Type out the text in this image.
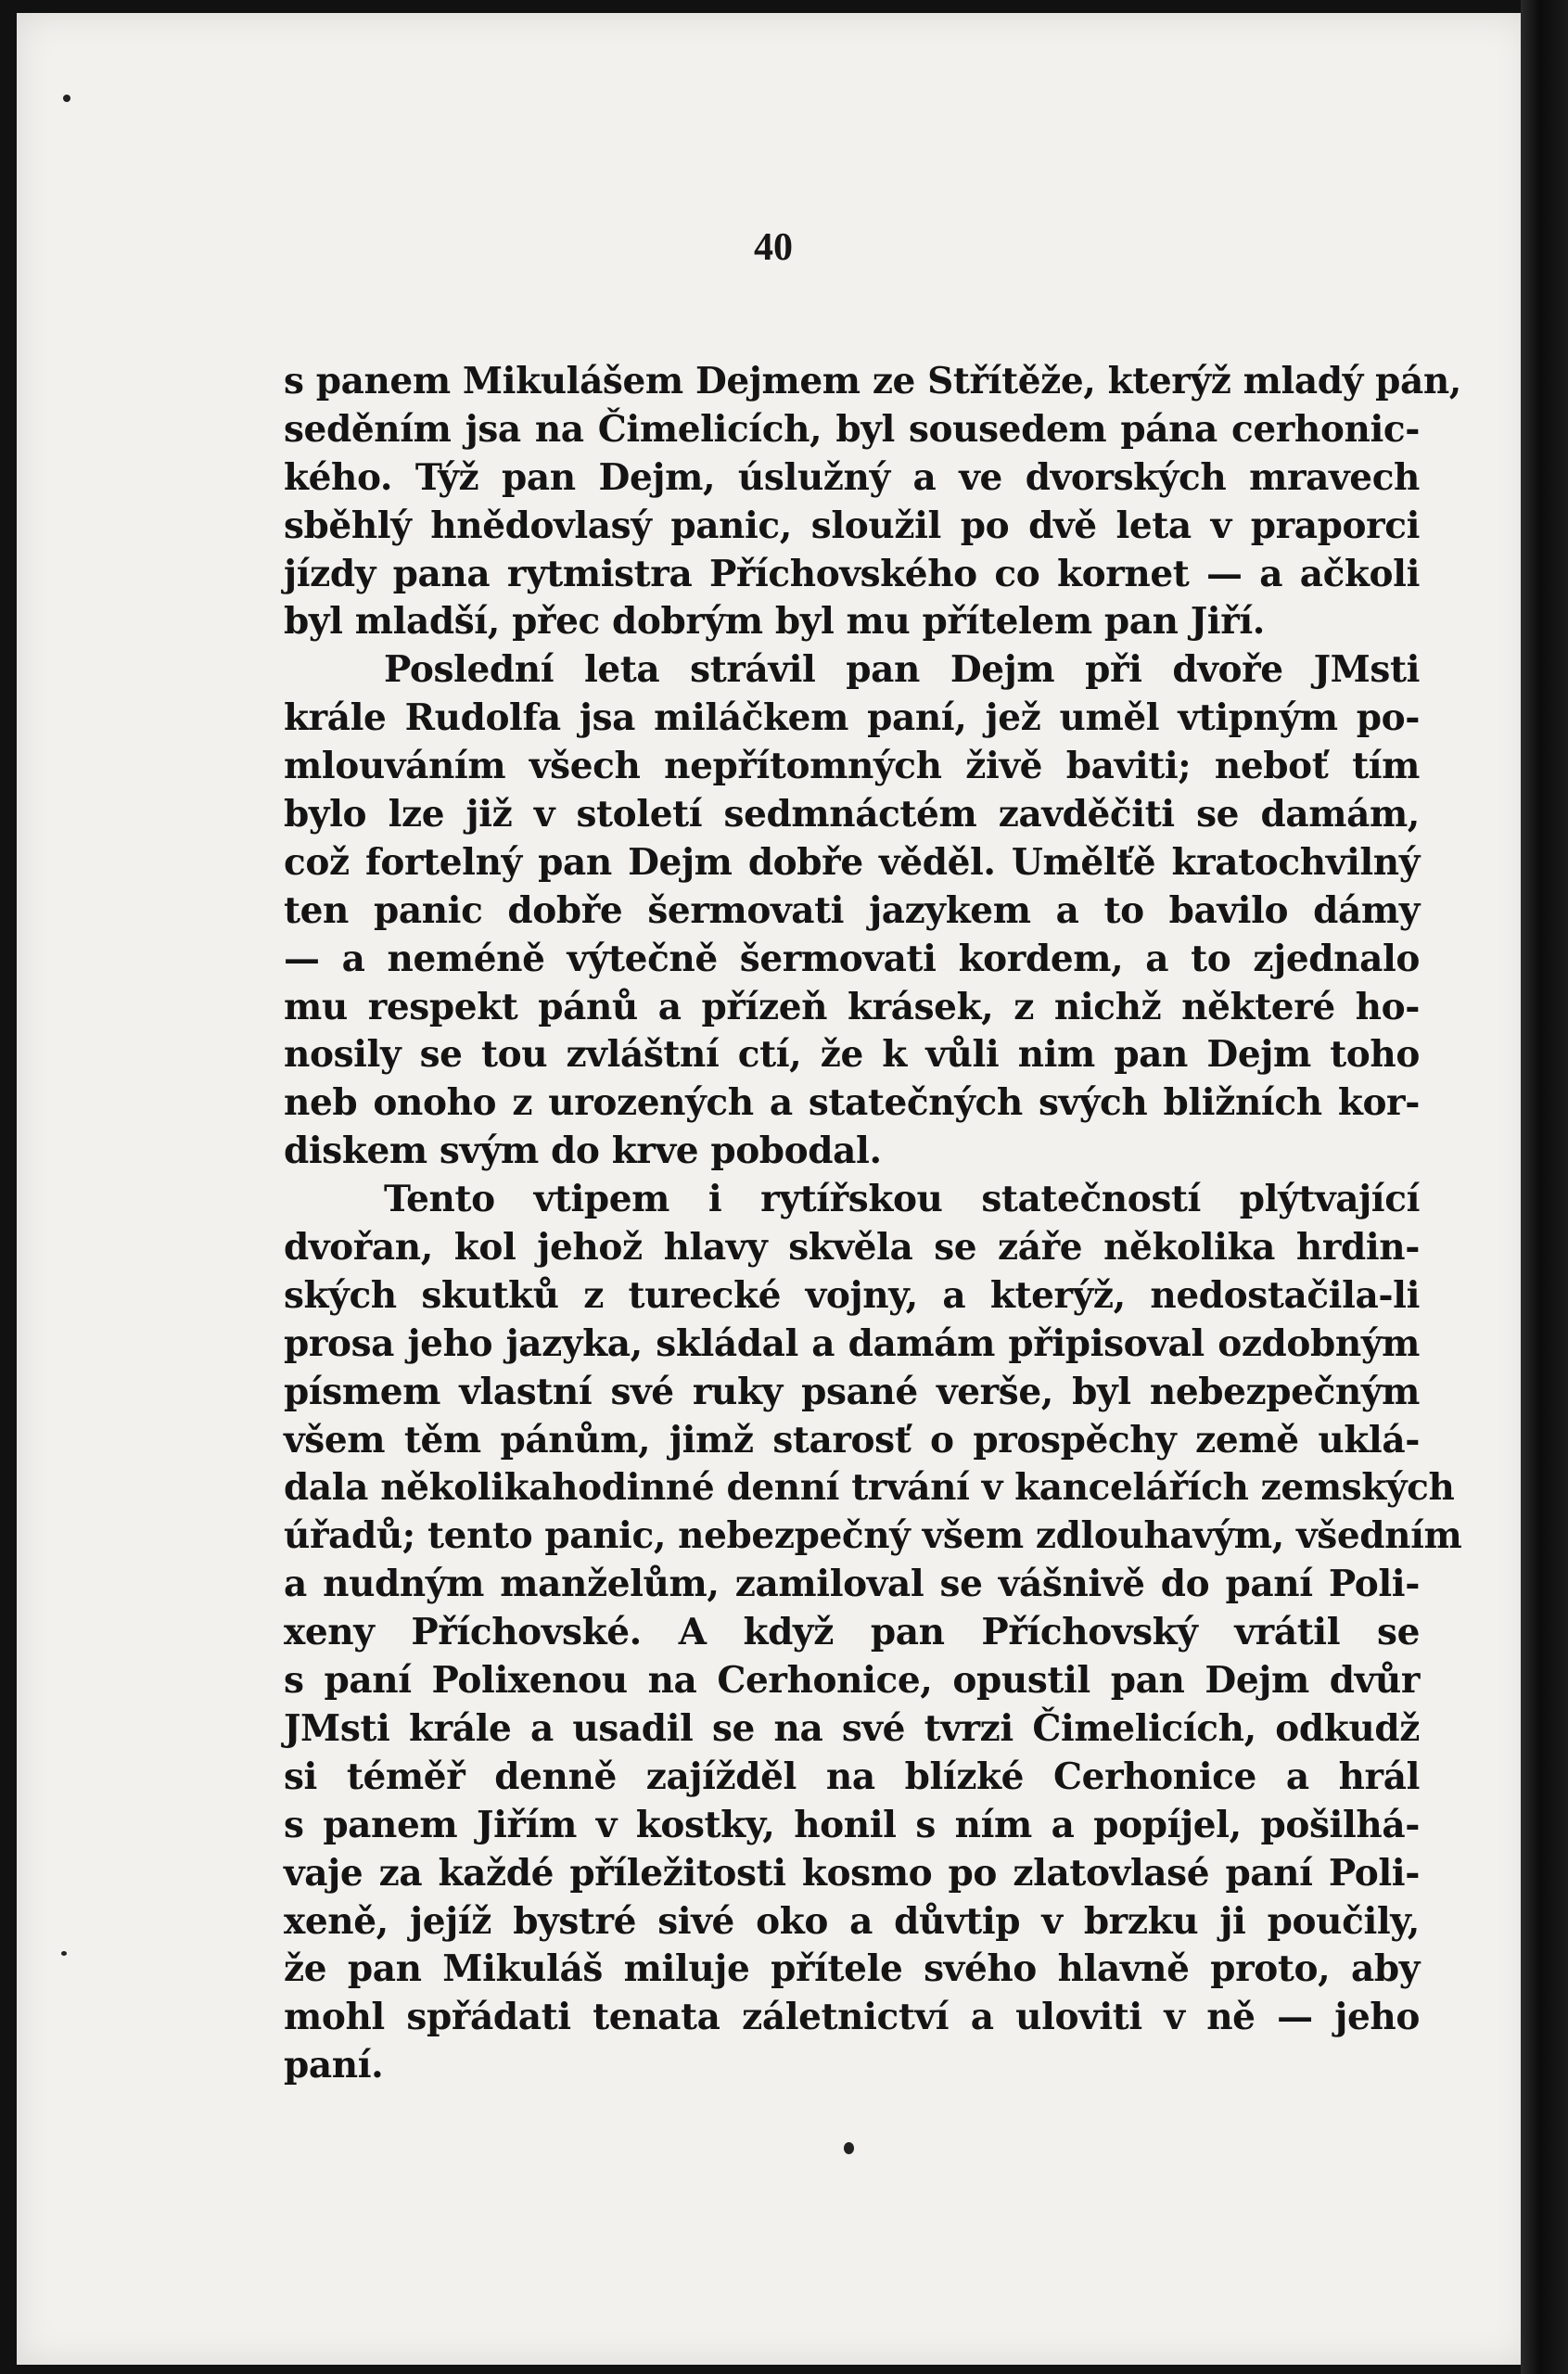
40
s panem Mikulášem Dejmem ze Střítěže, kterýž mladý pán,
seděním jsa na Čimelicích, byl sousedem pána cerhonic-
kého. Týž pan Dejm, úslužný a ve dvorských mravech
sběhlý hnědovlasý panic, sloužil po dvě leta v praporci
jízdy pana rytmistra Příchovského co kornet — a ačkoli
byl mladší, přec dobrým byl mu přítelem pan Jiří.
Poslední leta strávil pan Dejm při dvoře JMsti
krále Rudolfa jsa miláčkem paní, jež uměl vtipným po-
mlouváním všech nepřítomných živě baviti; neboť tím
bylo lze již v století sedmnáctém zavděčiti se damám,
což fortelný pan Dejm dobře věděl. Umělťě kratochvilný
ten panic dobře šermovati jazykem a to bavilo dámy
— a neméně výtečně šermovati kordem, a to zjednalo
mu respekt pánů a přízeň krásek, z nichž některé ho-
nosily se tou zvláštní ctí, že k vůli nim pan Dejm toho
neb onoho z urozených a statečných svých bližních kor-
diskem svým do krve pobodal.
Tento vtipem i rytířskou statečností plýtvající
dvořan, kol jehož hlavy skvěla se záře několika hrdin-
ských skutků z turecké vojny, a kterýž, nedostačila-li
prosa jeho jazyka, skládal a damám připisoval ozdobným
písmem vlastní své ruky psané verše, byl nebezpečným
všem těm pánům, jimž starosť o prospěchy země uklá-
dala několikahodinné denní trvání v kancelářích zemských
úřadů; tento panic, nebezpečný všem zdlouhavým, všedním
a nudným manželům, zamiloval se vášnivě do paní Poli-
xeny Příchovské. A když pan Příchovský vrátil se
s paní Polixenou na Cerhonice, opustil pan Dejm dvůr
JMsti krále a usadil se na své tvrzi Čimelicích, odkudž
si téměř denně zajížděl na blízké Cerhonice a hrál
s panem Jiřím v kostky, honil s ním a popíjel, pošilhá-
vaje za každé příležitosti kosmo po zlatovlasé paní Poli-
xeně, jejíž bystré sivé oko a důvtip v brzku ji poučily,
že pan Mikuláš miluje přítele svého hlavně proto, aby
mohl spřádati tenata záletnictví a uloviti v ně — jeho
paní.
